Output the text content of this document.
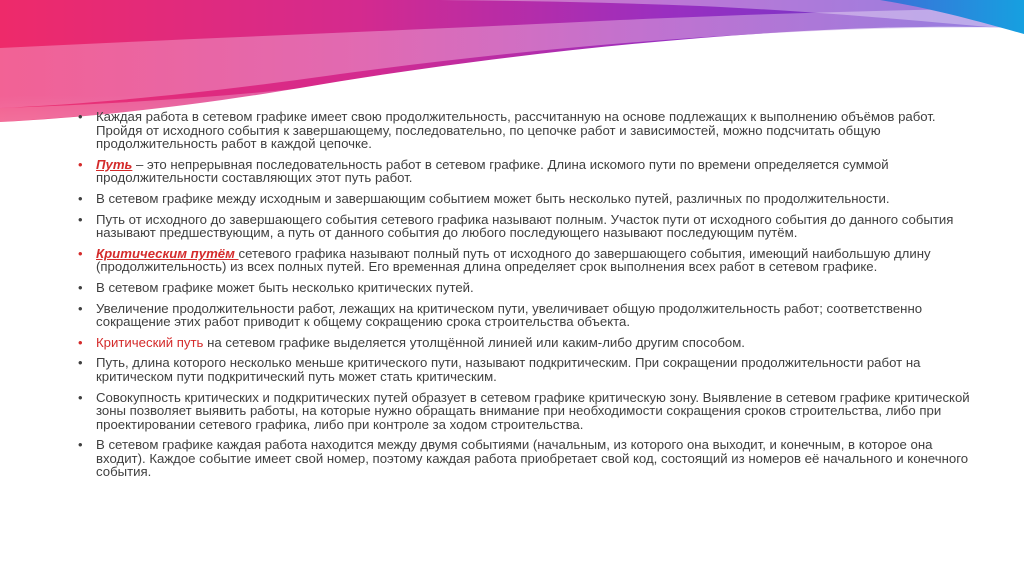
• Каждая работа в сетевом графике имеет свою продолжительность, рассчитанную на основе подлежащих к выполнению объёмов работ. Пройдя от исходного события к завершающему, последовательно, по цепочке работ и зависимостей, можно подсчитать общую продолжительность работ в каждой цепочке.
• Путь – это непрерывная последовательность работ в сетевом графике. Длина искомого пути по времени определяется суммой продолжительности составляющих этот путь работ.
• В сетевом графике между исходным и завершающим событием может быть несколько путей, различных по продолжительности.
• Путь от исходного до завершающего события сетевого графика называют полным. Участок пути от исходного события до данного события называют предшествующим, а путь от данного события до любого последующего называют последующим путём.
• Критическим путём сетевого графика называют полный путь от исходного до завершающего события, имеющий наибольшую длину (продолжительность) из всех полных путей. Его временная длина определяет срок выполнения всех работ в сетевом графике.
• В сетевом графике может быть несколько критических путей.
• Увеличение продолжительности работ, лежащих на критическом пути, увеличивает общую продолжительность работ; соответственно сокращение этих работ приводит к общему сокращению срока строительства объекта.
• Критический путь на сетевом графике выделяется утолщённой линией или каким-либо другим способом.
• Путь, длина которого несколько меньше критического пути, называют подкритическим. При сокращении продолжительности работ на критическом пути подкритический путь может стать критическим.
• Совокупность критических и подкритических путей образует в сетевом графике критическую зону. Выявление в сетевом графике критической зоны позволяет выявить работы, на которые нужно обращать внимание при необходимости сокращения сроков строительства, либо при проектировании сетевого графика, либо при контроле за ходом строительства.
• В сетевом графике каждая работа находится между двумя событиями (начальным, из которого она выходит, и конечным, в которое она входит). Каждое событие имеет свой номер, поэтому каждая работа приобретает свой код, состоящий из номеров её начального и конечного события.
